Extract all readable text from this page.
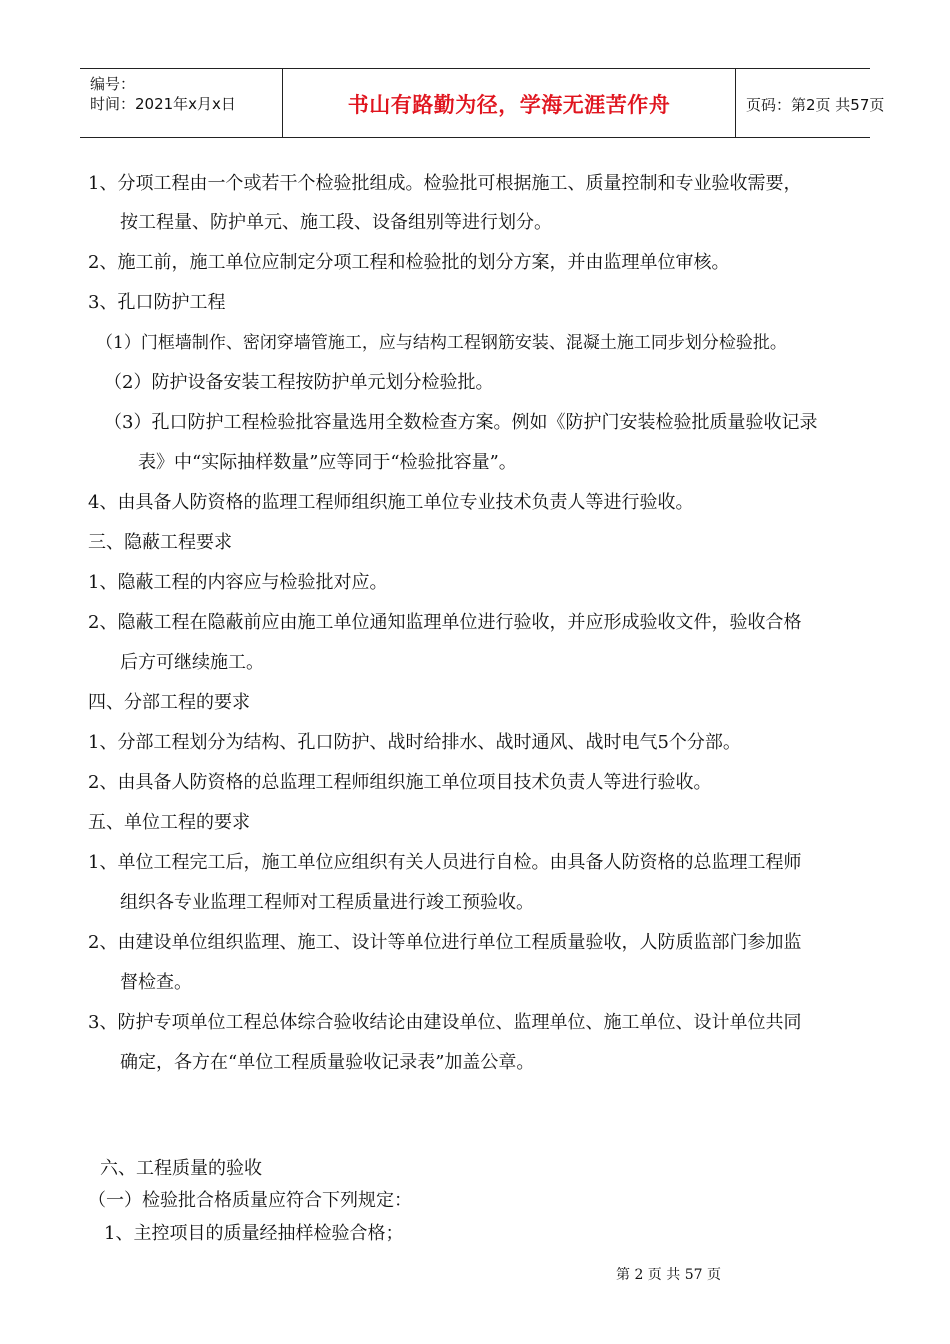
编号：
时间：2021年x月x日	书山有路勤为径，学海无涯苦作舟	页码：第2页 共57页
1、分项工程由一个或若干个检验批组成。检验批可根据施工、质量控制和专业验收需要，
按工程量、防护单元、施工段、设备组别等进行划分。
2、施工前，施工单位应制定分项工程和检验批的划分方案，并由监理单位审核。
3、孔口防护工程
（1）门框墙制作、密闭穿墙管施工，应与结构工程钢筋安装、混凝土施工同步划分检验批。
（2）防护设备安装工程按防护单元划分检验批。
（3）孔口防护工程检验批容量选用全数检查方案。例如《防护门安装检验批质量验收记录
表》中“实际抽样数量”应等同于“检验批容量”。
4、由具备人防资格的监理工程师组织施工单位专业技术负责人等进行验收。
三、隐蔽工程要求
1、隐蔽工程的内容应与检验批对应。
2、隐蔽工程在隐蔽前应由施工单位通知监理单位进行验收，并应形成验收文件，验收合格
后方可继续施工。
四、分部工程的要求
1、分部工程划分为结构、孔口防护、战时给排水、战时通风、战时电气5个分部。
2、由具备人防资格的总监理工程师组织施工单位项目技术负责人等进行验收。
五、单位工程的要求
1、单位工程完工后，施工单位应组织有关人员进行自检。由具备人防资格的总监理工程师
组织各专业监理工程师对工程质量进行竣工预验收。
2、由建设单位组织监理、施工、设计等单位进行单位工程质量验收，人防质监部门参加监
督检查。
3、防护专项单位工程总体综合验收结论由建设单位、监理单位、施工单位、设计单位共同
确定，各方在“单位工程质量验收记录表”加盖公章。
六、工程质量的验收
（一）检验批合格质量应符合下列规定：
1、主控项目的质量经抽样检验合格；
第 2 页 共 57 页
